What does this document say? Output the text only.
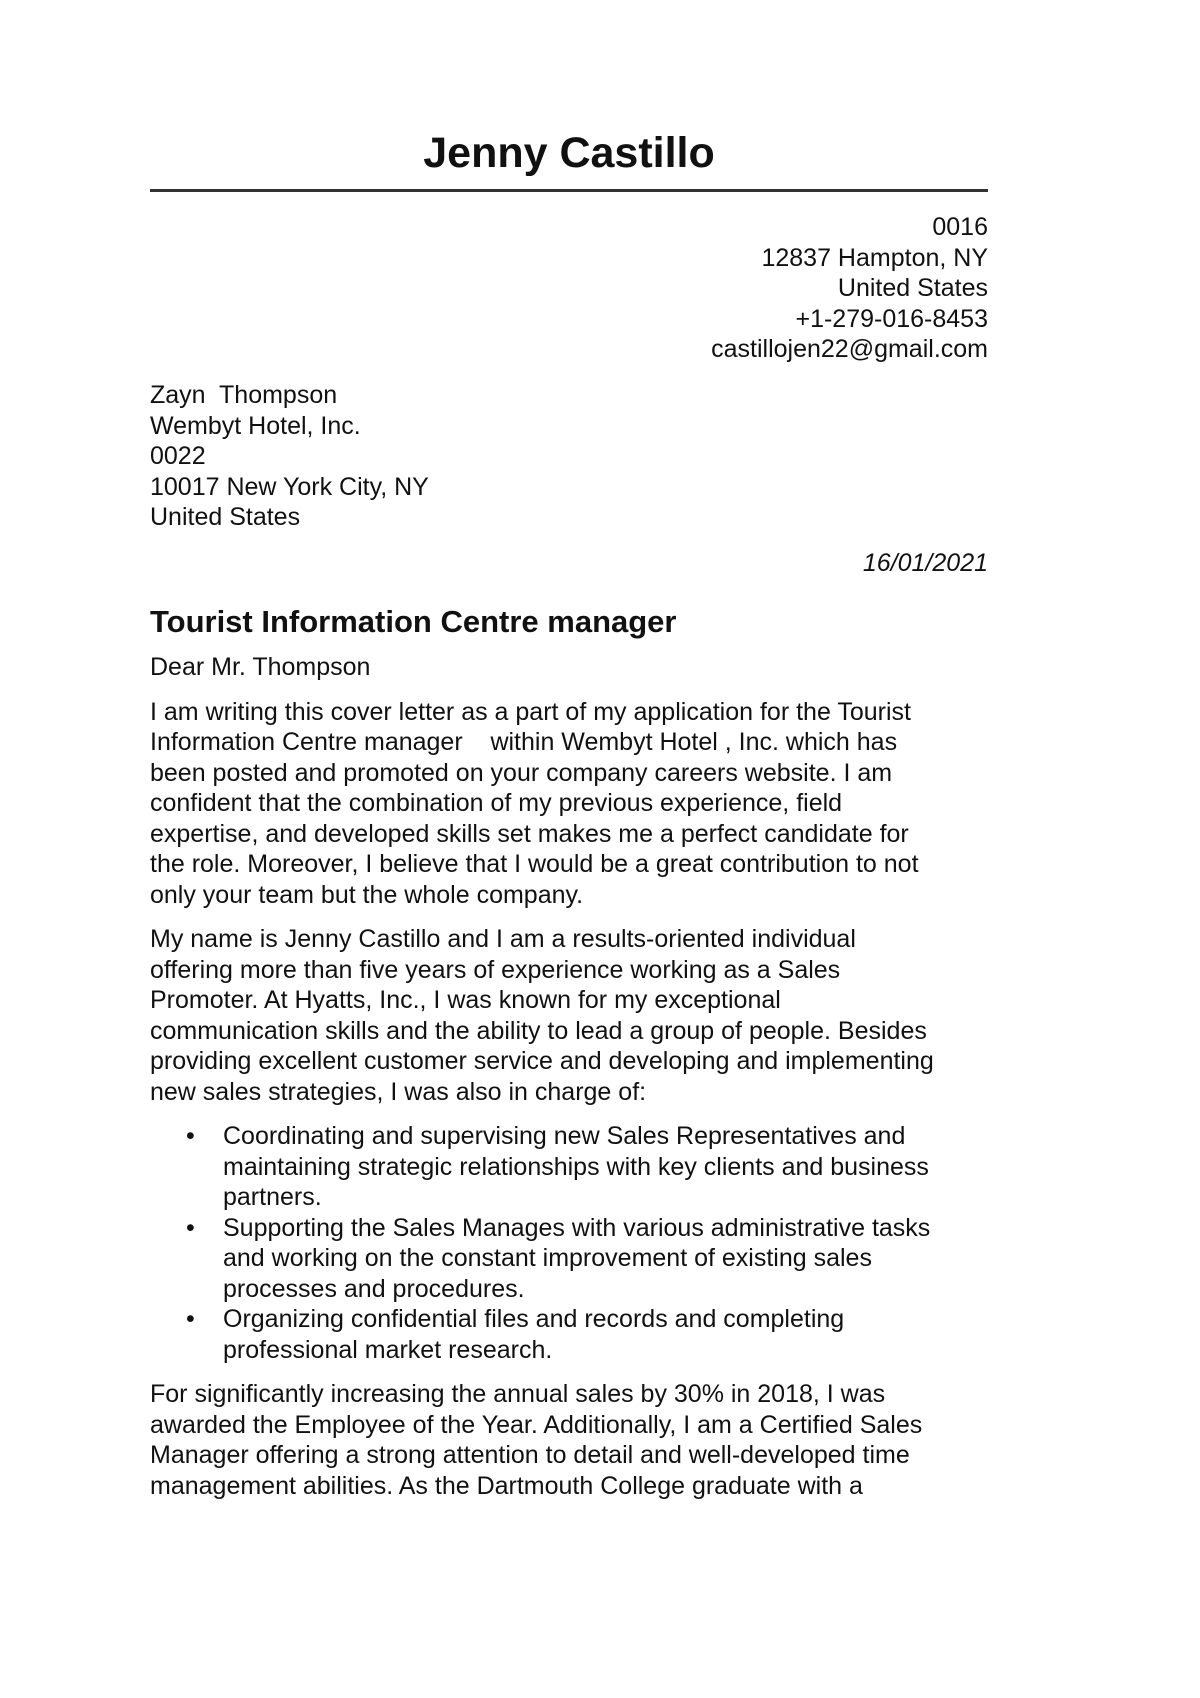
Jenny Castillo
0016
12837 Hampton, NY
United States
+1-279-016-8453
castillojen22@gmail.com
Zayn  Thompson
Wembyt Hotel, Inc.
0022
10017 New York City, NY
United States
16/01/2021
Tourist Information Centre manager

Dear Mr. Thompson

I am writing this cover letter as a part of my application for the Tourist
Information Centre manager    within Wembyt Hotel , Inc. which has
been posted and promoted on your company careers website. I am
confident that the combination of my previous experience, field
expertise, and developed skills set makes me a perfect candidate for
the role. Moreover, I believe that I would be a great contribution to not
only your team but the whole company.

My name is Jenny Castillo and I am a results-oriented individual
offering more than five years of experience working as a Sales
Promoter. At Hyatts, Inc., I was known for my exceptional
communication skills and the ability to lead a group of people. Besides
providing excellent customer service and developing and implementing
new sales strategies, I was also in charge of:

• Coordinating and supervising new Sales Representatives and
maintaining strategic relationships with key clients and business
partners.
• Supporting the Sales Manages with various administrative tasks
and working on the constant improvement of existing sales
processes and procedures.
• Organizing confidential files and records and completing
professional market research.

For significantly increasing the annual sales by 30% in 2018, I was
awarded the Employee of the Year. Additionally, I am a Certified Sales
Manager offering a strong attention to detail and well-developed time
management abilities. As the Dartmouth College graduate with a
